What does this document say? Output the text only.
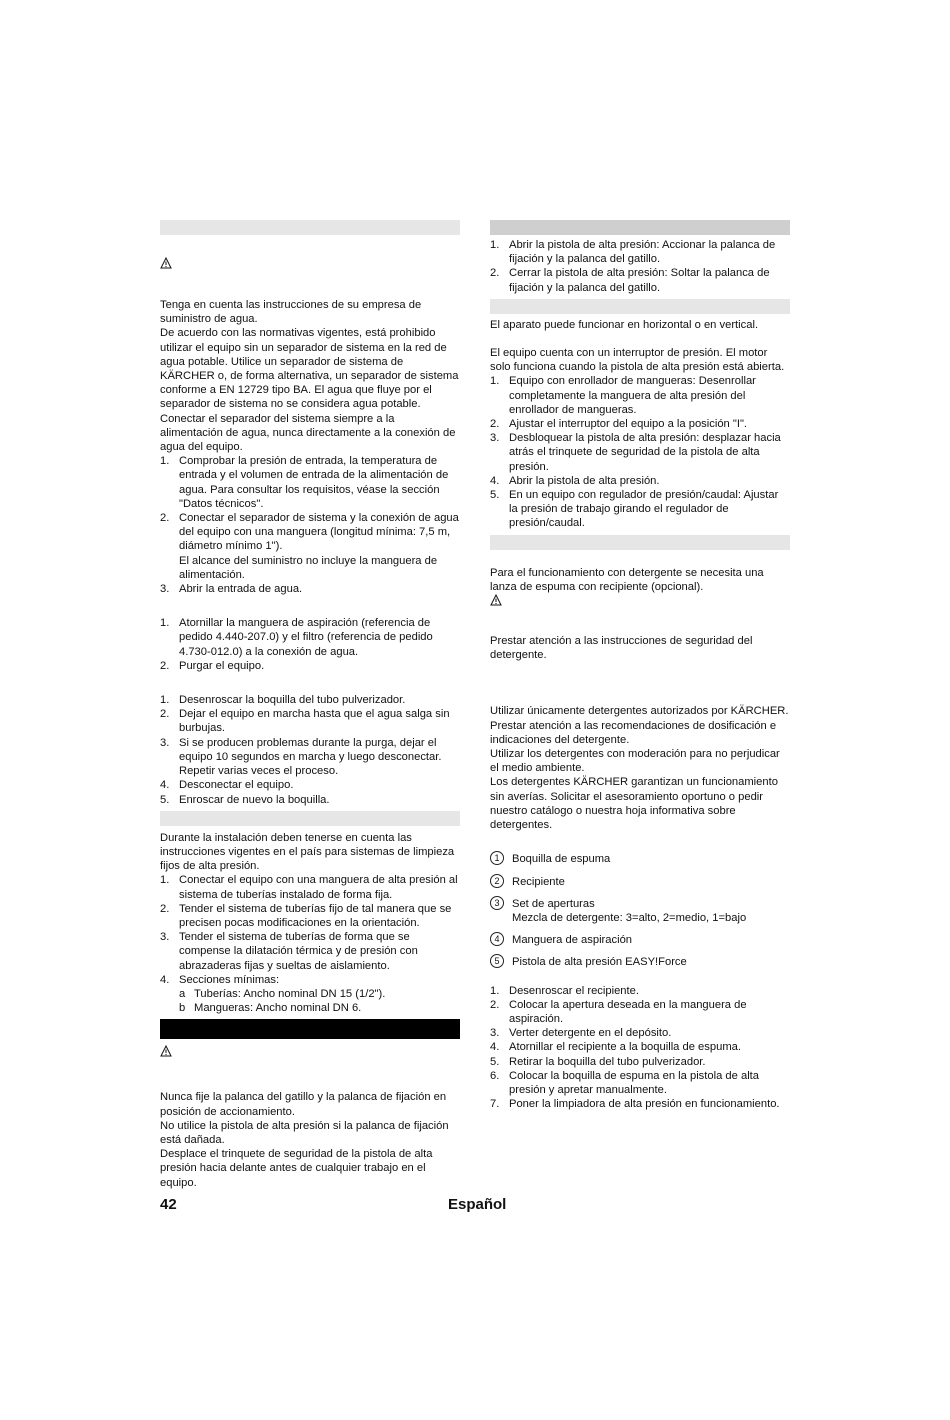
Tenga en cuenta las instrucciones de su empresa de suministro de agua.

De acuerdo con las normativas vigentes, está prohibido utilizar el equipo sin un separador de sistema en la red de agua potable. Utilice un separador de sistema de KÄRCHER o, de forma alternativa, un separador de sistema conforme a EN 12729 tipo BA. El agua que fluye por el separador de sistema no se considera agua potable. Conectar el separador del sistema siempre a la alimentación de agua, nunca directamente a la conexión de agua del equipo.

1. Comprobar la presión de entrada, la temperatura de entrada y el volumen de entrada de la alimentación de agua. Para consultar los requisitos, véase la sección "Datos técnicos".
2. Conectar el separador de sistema y la conexión de agua del equipo con una manguera (longitud mínima: 7,5 m, diámetro mínimo 1").
El alcance del suministro no incluye la manguera de alimentación.
3. Abrir la entrada de agua.
1. Atornillar la manguera de aspiración (referencia de pedido 4.440-207.0) y el filtro (referencia de pedido 4.730-012.0) a la conexión de agua.
2. Purgar el equipo.
1. Desenroscar la boquilla del tubo pulverizador.
2. Dejar el equipo en marcha hasta que el agua salga sin burbujas.
3. Si se producen problemas durante la purga, dejar el equipo 10 segundos en marcha y luego desconectar. Repetir varias veces el proceso.
4. Desconectar el equipo.
5. Enroscar de nuevo la boquilla.

Durante la instalación deben tenerse en cuenta las instrucciones vigentes en el país para sistemas de limpieza fijos de alta presión.

1. Conectar el equipo con una manguera de alta presión al sistema de tuberías instalado de forma fija.
2. Tender el sistema de tuberías fijo de tal manera que se precisen pocas modificaciones en la orientación.
3. Tender el sistema de tuberías de forma que se compense la dilatación térmica y de presión con abrazaderas fijas y sueltas de aislamiento.
4. Secciones mínimas:
a Tuberías: Ancho nominal DN 15 (1/2").
b Mangueras: Ancho nominal DN 6.

Nunca fije la palanca del gatillo y la palanca de fijación en posición de accionamiento.

No utilice la pistola de alta presión si la palanca de fijación está dañada.

Desplace el trinquete de seguridad de la pistola de alta presión hacia delante antes de cualquier trabajo en el equipo.

1. Abrir la pistola de alta presión: Accionar la palanca de fijación y la palanca del gatillo.
2. Cerrar la pistola de alta presión: Soltar la palanca de fijación y la palanca del gatillo.

El aparato puede funcionar en horizontal o en vertical.

El equipo cuenta con un interruptor de presión. El motor solo funciona cuando la pistola de alta presión está abierta.

1. Equipo con enrollador de mangueras: Desenrollar completamente la manguera de alta presión del enrollador de mangueras.
2. Ajustar el interruptor del equipo a la posición "I".
3. Desbloquear la pistola de alta presión: desplazar hacia atrás el trinquete de seguridad de la pistola de alta presión.
4. Abrir la pistola de alta presión.
5. En un equipo con regulador de presión/caudal: Ajustar la presión de trabajo girando el regulador de presión/caudal.

Para el funcionamiento con detergente se necesita una lanza de espuma con recipiente (opcional).

Prestar atención a las instrucciones de seguridad del detergente.

Utilizar únicamente detergentes autorizados por KÄRCHER.

Prestar atención a las recomendaciones de dosificación e indicaciones del detergente.

Utilizar los detergentes con moderación para no perjudicar el medio ambiente.

Los detergentes KÄRCHER garantizan un funcionamiento sin averías. Solicitar el asesoramiento oportuno o pedir nuestro catálogo o nuestra hoja informativa sobre detergentes.

1	Boquilla de espuma
2	Recipiente
3	Set de aperturas
Mezcla de detergente: 3=alto, 2=medio, 1=bajo
4	Manguera de aspiración
5	Pistola de alta presión EASY!Force
1. Desenroscar el recipiente.
2. Colocar la apertura deseada en la manguera de aspiración.
3. Verter detergente en el depósito.
4. Atornillar el recipiente a la boquilla de espuma.
5. Retirar la boquilla del tubo pulverizador.
6. Colocar la boquilla de espuma en la pistola de alta presión y apretar manualmente.
7. Poner la limpiadora de alta presión en funcionamiento.
42	Español
